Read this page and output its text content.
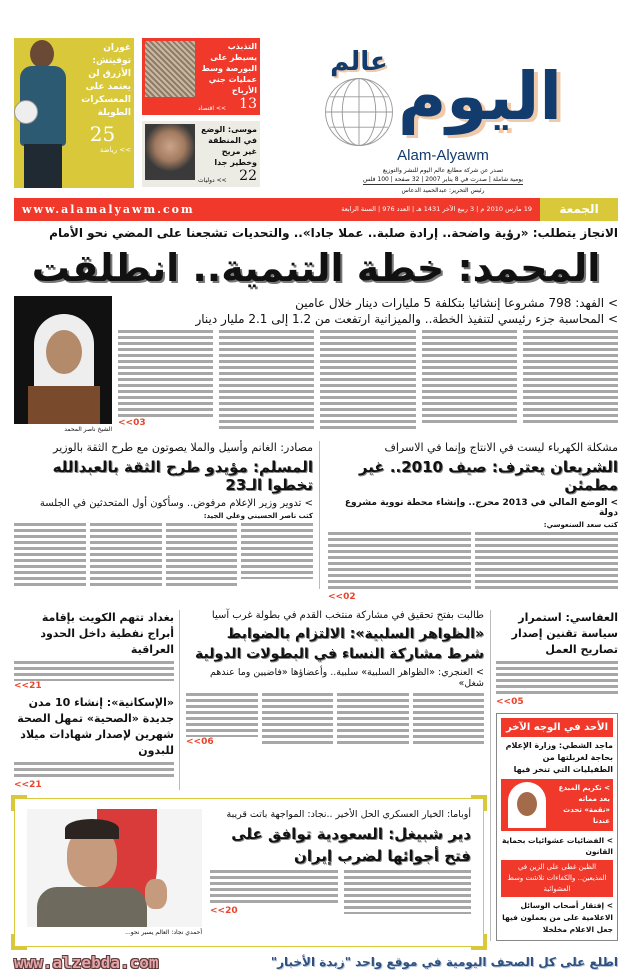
غوران توفيتش: الأزرق لن يعتمد على المعسكرات الطويلة
25
>> رياضة
التذبذب يسيطر على البورصة وسط عمليات جني الأرباح
>> اقتصاد 13
موسى: الوضع في المنطقة غير مريح وخطير جدا
>> دوليات 22
عالم اليوم
Alam-Alyawm
تصدر عن شركة مطابع عالم اليوم للنشر والتوزيع
يومية شاملة | صدرت في 8 يناير 2007 | 32 صفحة | 100 فلس
رئيس التحرير: عبدالحميد الدعاس
www.alamalyawm.com	19 مارس 2010 م | 3 ربيع الآخر 1431 هـ | العدد 976 | السنة الرابعة	الجمعة
الانجاز يتطلب: «رؤية واضحة.. إرادة صلبة.. عملا جادا».. والتحديات تشجعنا على المضي نحو الأمام
المحمد: خطة التنمية.. انطلقت
الشيخ ناصر المحمد
> الفهد: 798 مشروعا إنشائيا بتكلفة 5 مليارات دينار خلال عامين
> المحاسبة جزء رئيسي لتنفيذ الخطة.. والميزانية ارتفعت من 1.2 إلى 2.1 مليار دينار
<<03
مصادر: الغانم وأسيل والملا يصوتون مع طرح الثقة بالوزير
المسلم: مؤيدو طرح الثقة بالعبدالله تخطوا الـ23
> تدوير وزير الإعلام مرفوض.. وسأكون أول المتحدثين في الجلسة
كتب ناصر الحسيني وعلي الجيد:
مشكلة الكهرباء ليست في الانتاج وإنما في الاسراف
الشريعان يعترف: صيف 2010.. غير مطمئن
> الوضع المالي في 2013 محرج.. وإنشاء محطة نووية مشروع دولة
كتب سعد السنعوسي:
<<02
بغداد تتهم الكويت بإقامة أبراج نفطية داخل الحدود العراقية
<<21
«الإسكانية»: إنشاء 10 مدن جديدة «الصحية» تمهل الصحة شهرين لإصدار شهادات ميلاد للبدون
<<21
طالبت بفتح تحقيق في مشاركة منتخب القدم في بطولة غرب آسيا
«الظواهر السلبية»: الالتزام بالضوابط شرط مشاركة النساء في البطولات الدولية
> العنجري: «الظواهر السلبية» سلبية.. وأعضاؤها «فاضيين وما عندهم شغل»
<<06
أحمدي نجاد: العالم يسير نحو...
أوباما: الخيار العسكري الحل الأخير ..نجاد: المواجهة باتت قريبة
دير شبيغل: السعودية توافق على فتح أجوائها لضرب إيران
<<20
العفاسي: استمرار سياسة تقنين إصدار تصاريح العمل
<<05
الأحد في الوجه الآخر
ماجد الشطي: وزارة الإعلام بحاجة لغربلتها من الطفيليات التي تنخر فيها
> تكريم المبدع بعد مماته «نقمة» تحدث عندنا
> الفضائيات عشوائيات بحماية القانون
الظين غطى على الزين في المذيعين.. والكفاءات تلاشت وسط العشوائية
> إفتقار أصحاب الوسائل الاعلامية على من يعملون فيها جعل الاعلام مخلخلا
www.alzebda.com	اطلع على كل الصحف اليومية في موقع واحد "زبدة الأخبار"
